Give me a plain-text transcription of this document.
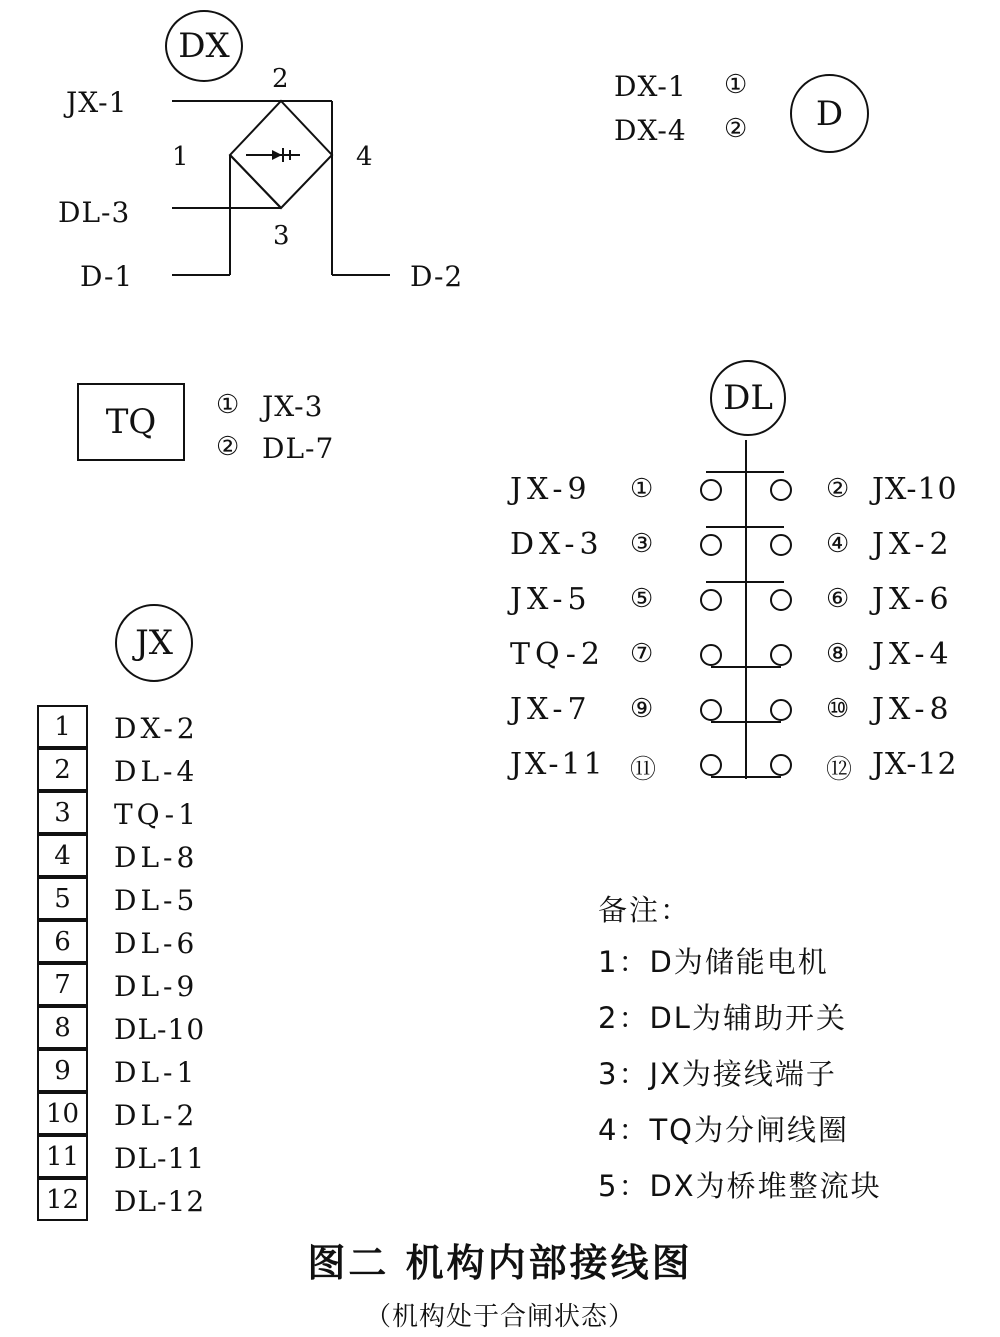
DX
JX-1
DL-3
D-1	D-2
1
2
3
4
DX-1 ①
DX-4 ②	D
TQ	① JX-3
② DL-7
DL
JX-9 ①	② JX-10
DX-3 ③	④ JX-2
JX-5 ⑤	⑥ JX-6
TQ-2 ⑦	⑧ JX-4
JX-7 ⑨	⑩ JX-8
JX-11 ⑪	⑫ JX-12
JX
1	DX-2
2	DL-4
3	TQ-1
4	DL-8
5	DL-5
6	DL-6
7	DL-9
8	DL-10
9	DL-1
10	DL-2
11	DL-11
12	DL-12
备注：
1：D为储能电机
2：DL为辅助开关
3：JX为接线端子
4：TQ为分闸线圈
5：DX为桥堆整流块
图二 机构内部接线图
（机构处于合闸状态）
